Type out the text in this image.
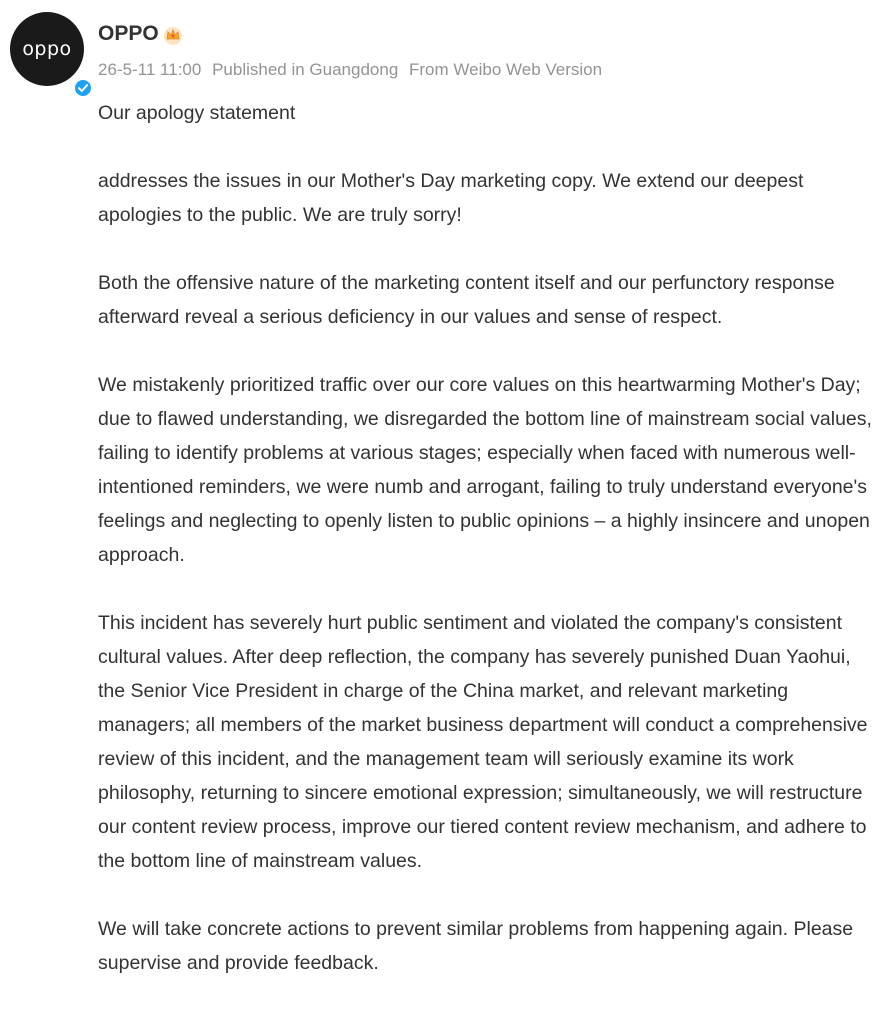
oppo
OPPO
26-5-11 11:00 Published in Guangdong From Weibo Web Version

Our apology statement

addresses the issues in our Mother's Day marketing copy. We extend our deepest apologies to the public. We are truly sorry!

Both the offensive nature of the marketing content itself and our perfunctory response afterward reveal a serious deficiency in our values and sense of respect.

We mistakenly prioritized traffic over our core values on this heartwarming Mother's Day; due to flawed understanding, we disregarded the bottom line of mainstream social values, failing to identify problems at various stages; especially when faced with numerous well-intentioned reminders, we were numb and arrogant, failing to truly understand everyone's feelings and neglecting to openly listen to public opinions – a highly insincere and unopen approach.

This incident has severely hurt public sentiment and violated the company's consistent cultural values. After deep reflection, the company has severely punished Duan Yaohui, the Senior Vice President in charge of the China market, and relevant marketing managers; all members of the market business department will conduct a comprehensive review of this incident, and the management team will seriously examine its work philosophy, returning to sincere emotional expression; simultaneously, we will restructure our content review process, improve our tiered content review mechanism, and adhere to the bottom line of mainstream values.

We will take concrete actions to prevent similar problems from happening again. Please supervise and provide feedback.
